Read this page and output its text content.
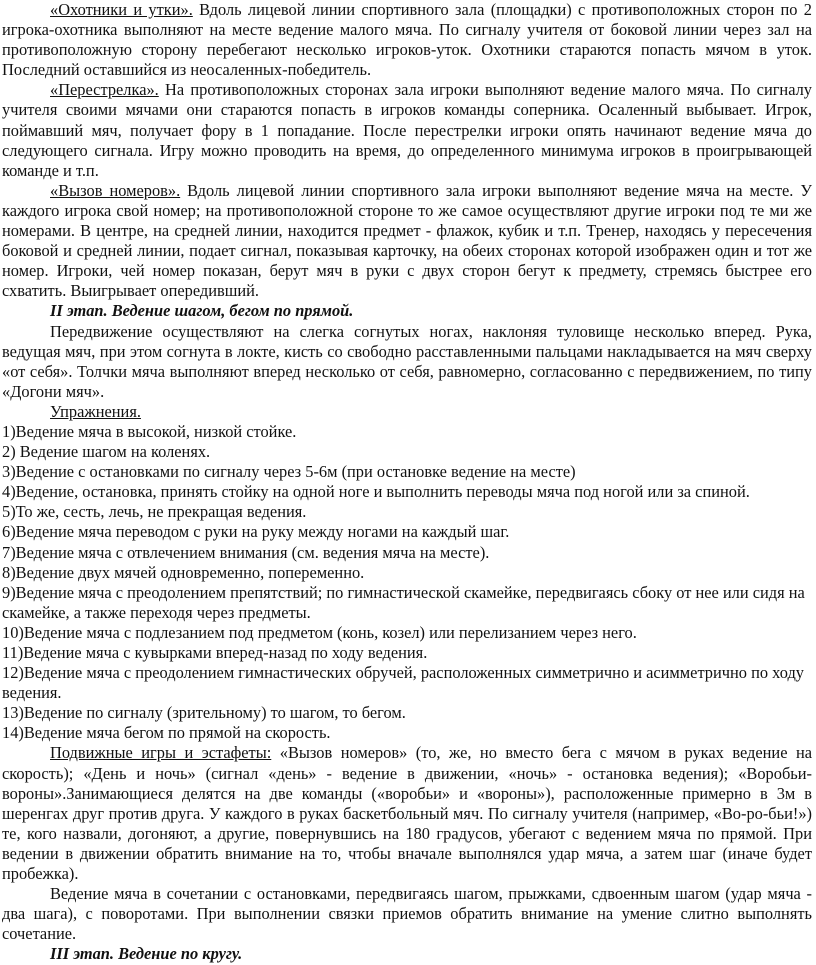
«Охотники и утки». Вдоль лицевой линии спортивного зала (площадки) с противоположных сторон по 2 игрока-охотника выполняют на месте ведение малого мяча. По сигналу учителя от боковой линии через зал на противоположную сторону перебегают несколько игроков-уток. Охотники стараются попасть мячом в уток. Последний оставшийся из неосаленных-победитель.

«Перестрелка». На противоположных сторонах зала игроки выполняют ведение малого мяча. По сигналу учителя своими мячами они стараются попасть в игроков команды соперника. Осаленный выбывает. Игрок, поймавший мяч, получает фору в 1 попадание. После перестрелки игроки опять начинают ведение мяча до следующего сигнала. Игру можно проводить на время, до определенного минимума игроков в проигрывающей команде и т.п.

«Вызов номеров». Вдоль лицевой линии спортивного зала игроки выполняют ведение мяча на месте. У каждого игрока свой номер; на противоположной стороне то же самое осуществляют другие игроки под те ми же номерами. В центре, на средней линии, находится предмет - флажок, кубик и т.п. Тренер, находясь у пересечения боковой и средней линии, подает сигнал, показывая карточку, на обеих сторонах которой изображен один и тот же номер. Игроки, чей номер показан, берут мяч в руки с двух сторон бегут к предмету, стремясь быстрее его схватить. Выигрывает опередивший.

II этап. Ведение шагом, бегом по прямой.

Передвижение осуществляют на слегка согнутых ногах, наклоняя туловище несколько вперед. Рука, ведущая мяч, при этом согнута в локте, кисть со свободно расставленными пальцами накладывается на мяч сверху «от себя». Толчки мяча выполняют вперед несколько от себя, равномерно, согласованно с передвижением, по типу «Догони мяч».

Упражнения.

1)Ведение мяча в высокой, низкой стойке.

2) Ведение шагом на коленях.

3)Ведение с остановками по сигналу через 5-6м (при остановке ведение на месте)

4)Ведение, остановка, принять стойку на одной ноге и выполнить переводы мяча под ногой или за спиной.

5)То же, сесть, лечь, не прекращая ведения.

6)Ведение мяча переводом с руки на руку между ногами на каждый шаг.

7)Ведение мяча с отвлечением внимания (см. ведения мяча на месте).

8)Ведение двух мячей одновременно, попеременно.

9)Ведение мяча с преодолением препятствий; по гимнастической скамейке, передвигаясь сбоку от нее или сидя на скамейке, а также переходя через предметы.

10)Ведение мяча с подлезанием под предметом (конь, козел) или перелизанием через него.

11)Ведение мяча с кувырками вперед-назад по ходу ведения.

12)Ведение мяча с преодолением гимнастических обручей, расположенных симметрично и асимметрично по ходу ведения.

13)Ведение по сигналу (зрительному) то шагом, то бегом.

14)Ведение мяча бегом по прямой на скорость.

Подвижные игры и эстафеты: «Вызов номеров» (то, же, но вместо бега с мячом в руках ведение на скорость); «День и ночь» (сигнал «день» - ведение в движении, «ночь» - остановка ведения); «Воробьи-вороны».Занимающиеся делятся на две команды («воробьи» и «вороны»), расположенные примерно в 3м в шеренгах друг против друга. У каждого в руках баскетбольный мяч. По сигналу учителя (например, «Во-ро-бьи!») те, кого назвали, догоняют, а другие, повернувшись на 180 градусов, убегают с ведением мяча по прямой. При ведении в движении обратить внимание на то, чтобы вначале выполнялся удар мяча, а затем шаг (иначе будет пробежка).

Ведение мяча в сочетании с остановками, передвигаясь шагом, прыжками, сдвоенным шагом (удар мяча - два шага), с поворотами. При выполнении связки приемов обратить внимание на умение слитно выполнять сочетание.

III этап. Ведение по кругу.
